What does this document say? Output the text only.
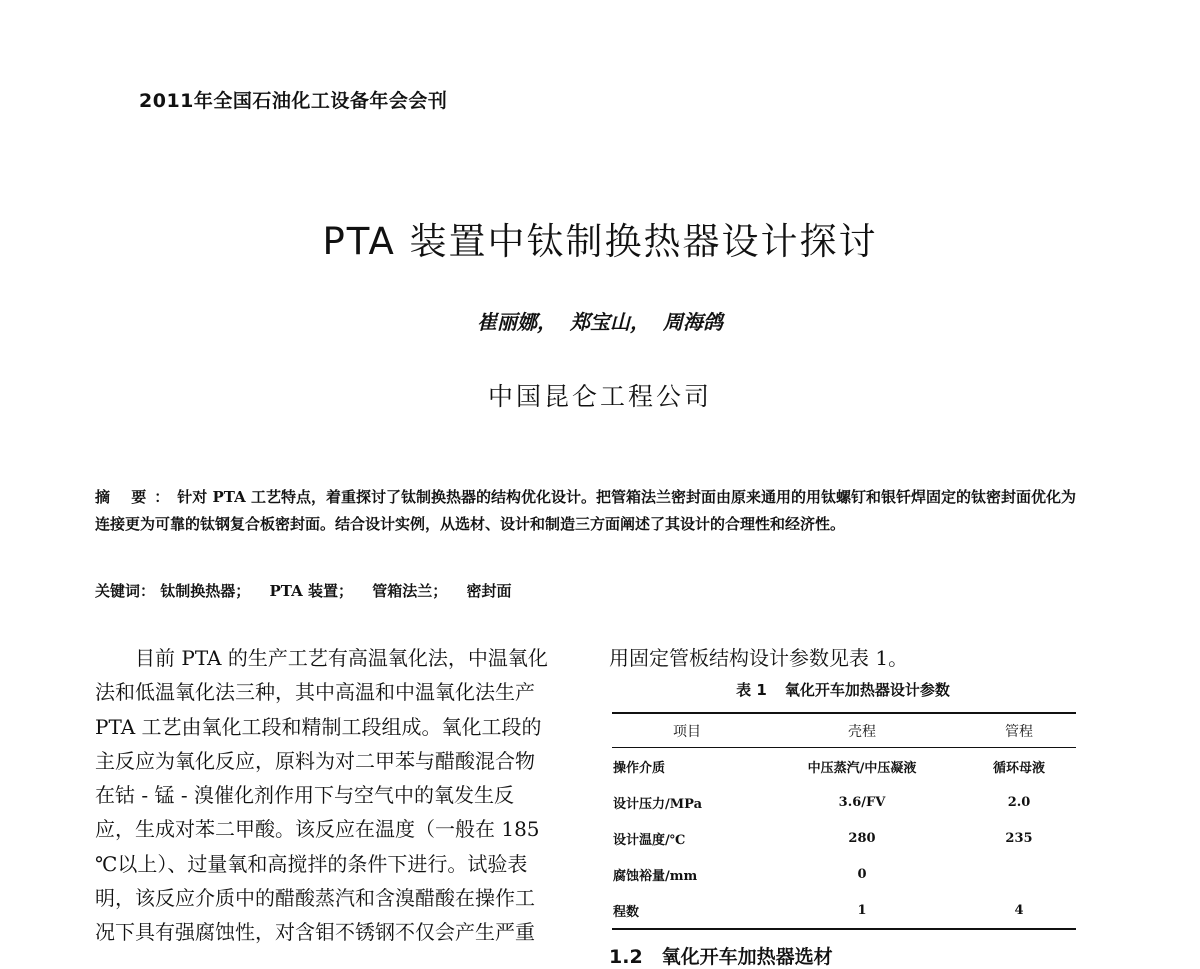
2011年全国石油化工设备年会会刊
PTA 装置中钛制换热器设计探讨
崔丽娜， 郑宝山， 周海鸽
中国昆仑工程公司
摘 要：针对 PTA 工艺特点，着重探讨了钛制换热器的结构优化设计。把管箱法兰密封面由原来通用的用钛螺钉和银钎焊固定的钛密封面优化为连接更为可靠的钛钢复合板密封面。结合设计实例，从选材、设计和制造三方面阐述了其设计的合理性和经济性。
关键词： 钛制换热器； PTA 装置； 管箱法兰； 密封面
　　目前 PTA 的生产工艺有高温氧化法，中温氧化
法和低温氧化法三种，其中高温和中温氧化法生产
PTA 工艺由氧化工段和精制工段组成。氧化工段的
主反应为氧化反应，原料为对二甲苯与醋酸混合物
在钴 - 锰 - 溴催化剂作用下与空气中的氧发生反
应，生成对苯二甲酸。该反应在温度（一般在 185
℃以上）、过量氧和高搅拌的条件下进行。试验表
明，该反应介质中的醋酸蒸汽和含溴醋酸在操作工
况下具有强腐蚀性，对含钼不锈钢不仅会产生严重
用固定管板结构设计参数见表 1。
表 1 氧化开车加热器设计参数
项目	壳程	管程
操作介质	中压蒸汽/中压凝液	循环母液
设计压力/MPa	3.6/FV	2.0
设计温度/℃	280	235
腐蚀裕量/mm	0	
程数	1	4
1.2　氧化开车加热器选材
